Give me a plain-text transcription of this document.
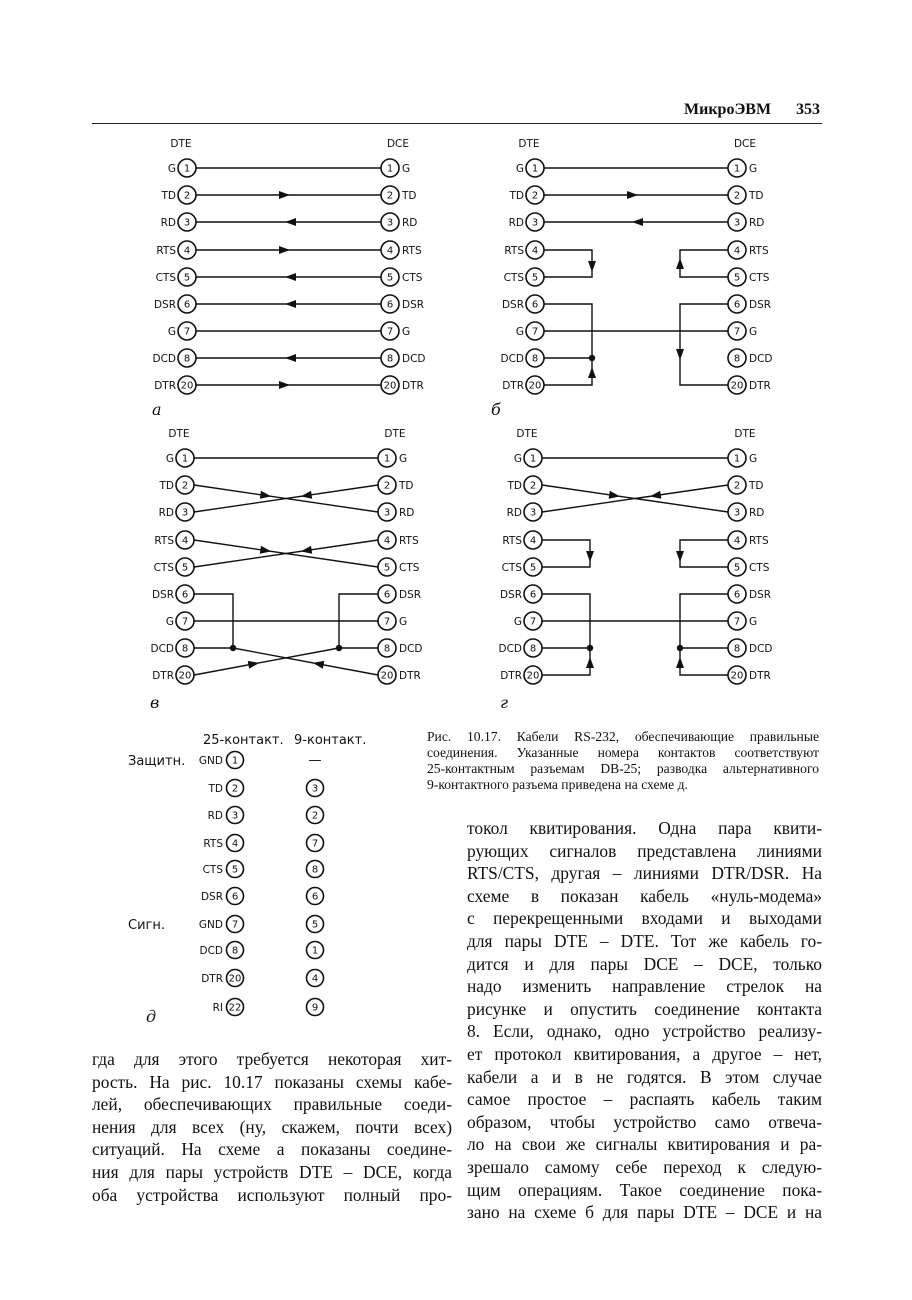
МикроЭВМ 353
DTE	DCE
1	1
G	G
2	2
TD	TD
3	3
RD	RD
4	4
RTS	RTS
5	5
CTS	CTS
6	6
DSR	DSR
7	7
G	G
8	8
DCD	DCD
20	20
DTR	DTR
а
DTE	DCE
1	1
G	G
2	2
TD	TD
3	3
RD	RD
4	4
RTS	RTS
5	5
CTS	CTS
6	6
DSR	DSR
7	7
G	G
8	8
DCD	DCD
20	20
DTR	DTR
б
DTE	DTE
1	1
G	G
2	2
TD	TD
3	3
RD	RD
4	4
RTS	RTS
5	5
CTS	CTS
6	6
DSR	DSR
7	7
G	G
8	8
DCD	DCD
20	20
DTR	DTR
в
DTE	DTE
1	1
G	G
2	2
TD	TD
3	3
RD	RD
4	4
RTS	RTS
5	5
CTS	CTS
6	6
DSR	DSR
7	7
G	G
8	8
DCD	DCD
20	20
DTR	DTR
г
25-контакт. 9-контакт.
Защитн. GND 1	—
TD 2	3
RD 3	2
RTS 4	7
CTS 5	8
DSR 6	6
Сигн.	GND 7	5
DCD 8	1
DTR 20	4
RI 22	9
д
Рис. 10.17. Кабели RS-232, обеспечивающие правильные
соединения. Указанные номера контактов соответствуют
25-контактным разъемам DB-25; разводка альтернативного
9-контактного разъема приведена на схеме д.
гда для этого требуется некоторая хит-
рость. На рис. 10.17 показаны схемы кабе-
лей, обеспечивающих правильные соеди-
нения для всех (ну, скажем, почти всех)
ситуаций. На схеме а показаны соедине-
ния для пары устройств DTE – DCE, когда
оба устройства используют полный про-
токол квитирования. Одна пара квити-
рующих сигналов представлена линиями
RTS/CTS, другая – линиями DTR/DSR. На
схеме в показан кабель «нуль-модема»
с перекрещенными входами и выходами
для пары DTE – DTE. Тот же кабель го-
дится и для пары DCE – DCE, только
надо изменить направление стрелок на
рисунке и опустить соединение контакта
8. Если, однако, одно устройство реализу-
ет протокол квитирования, а другое – нет,
кабели а и в не годятся. В этом случае
самое простое – распаять кабель таким
образом, чтобы устройство само отвеча-
ло на свои же сигналы квитирования и ра-
зрешало самому себе переход к следую-
щим операциям. Такое соединение пока-
зано на схеме б для пары DTE – DCE и на
